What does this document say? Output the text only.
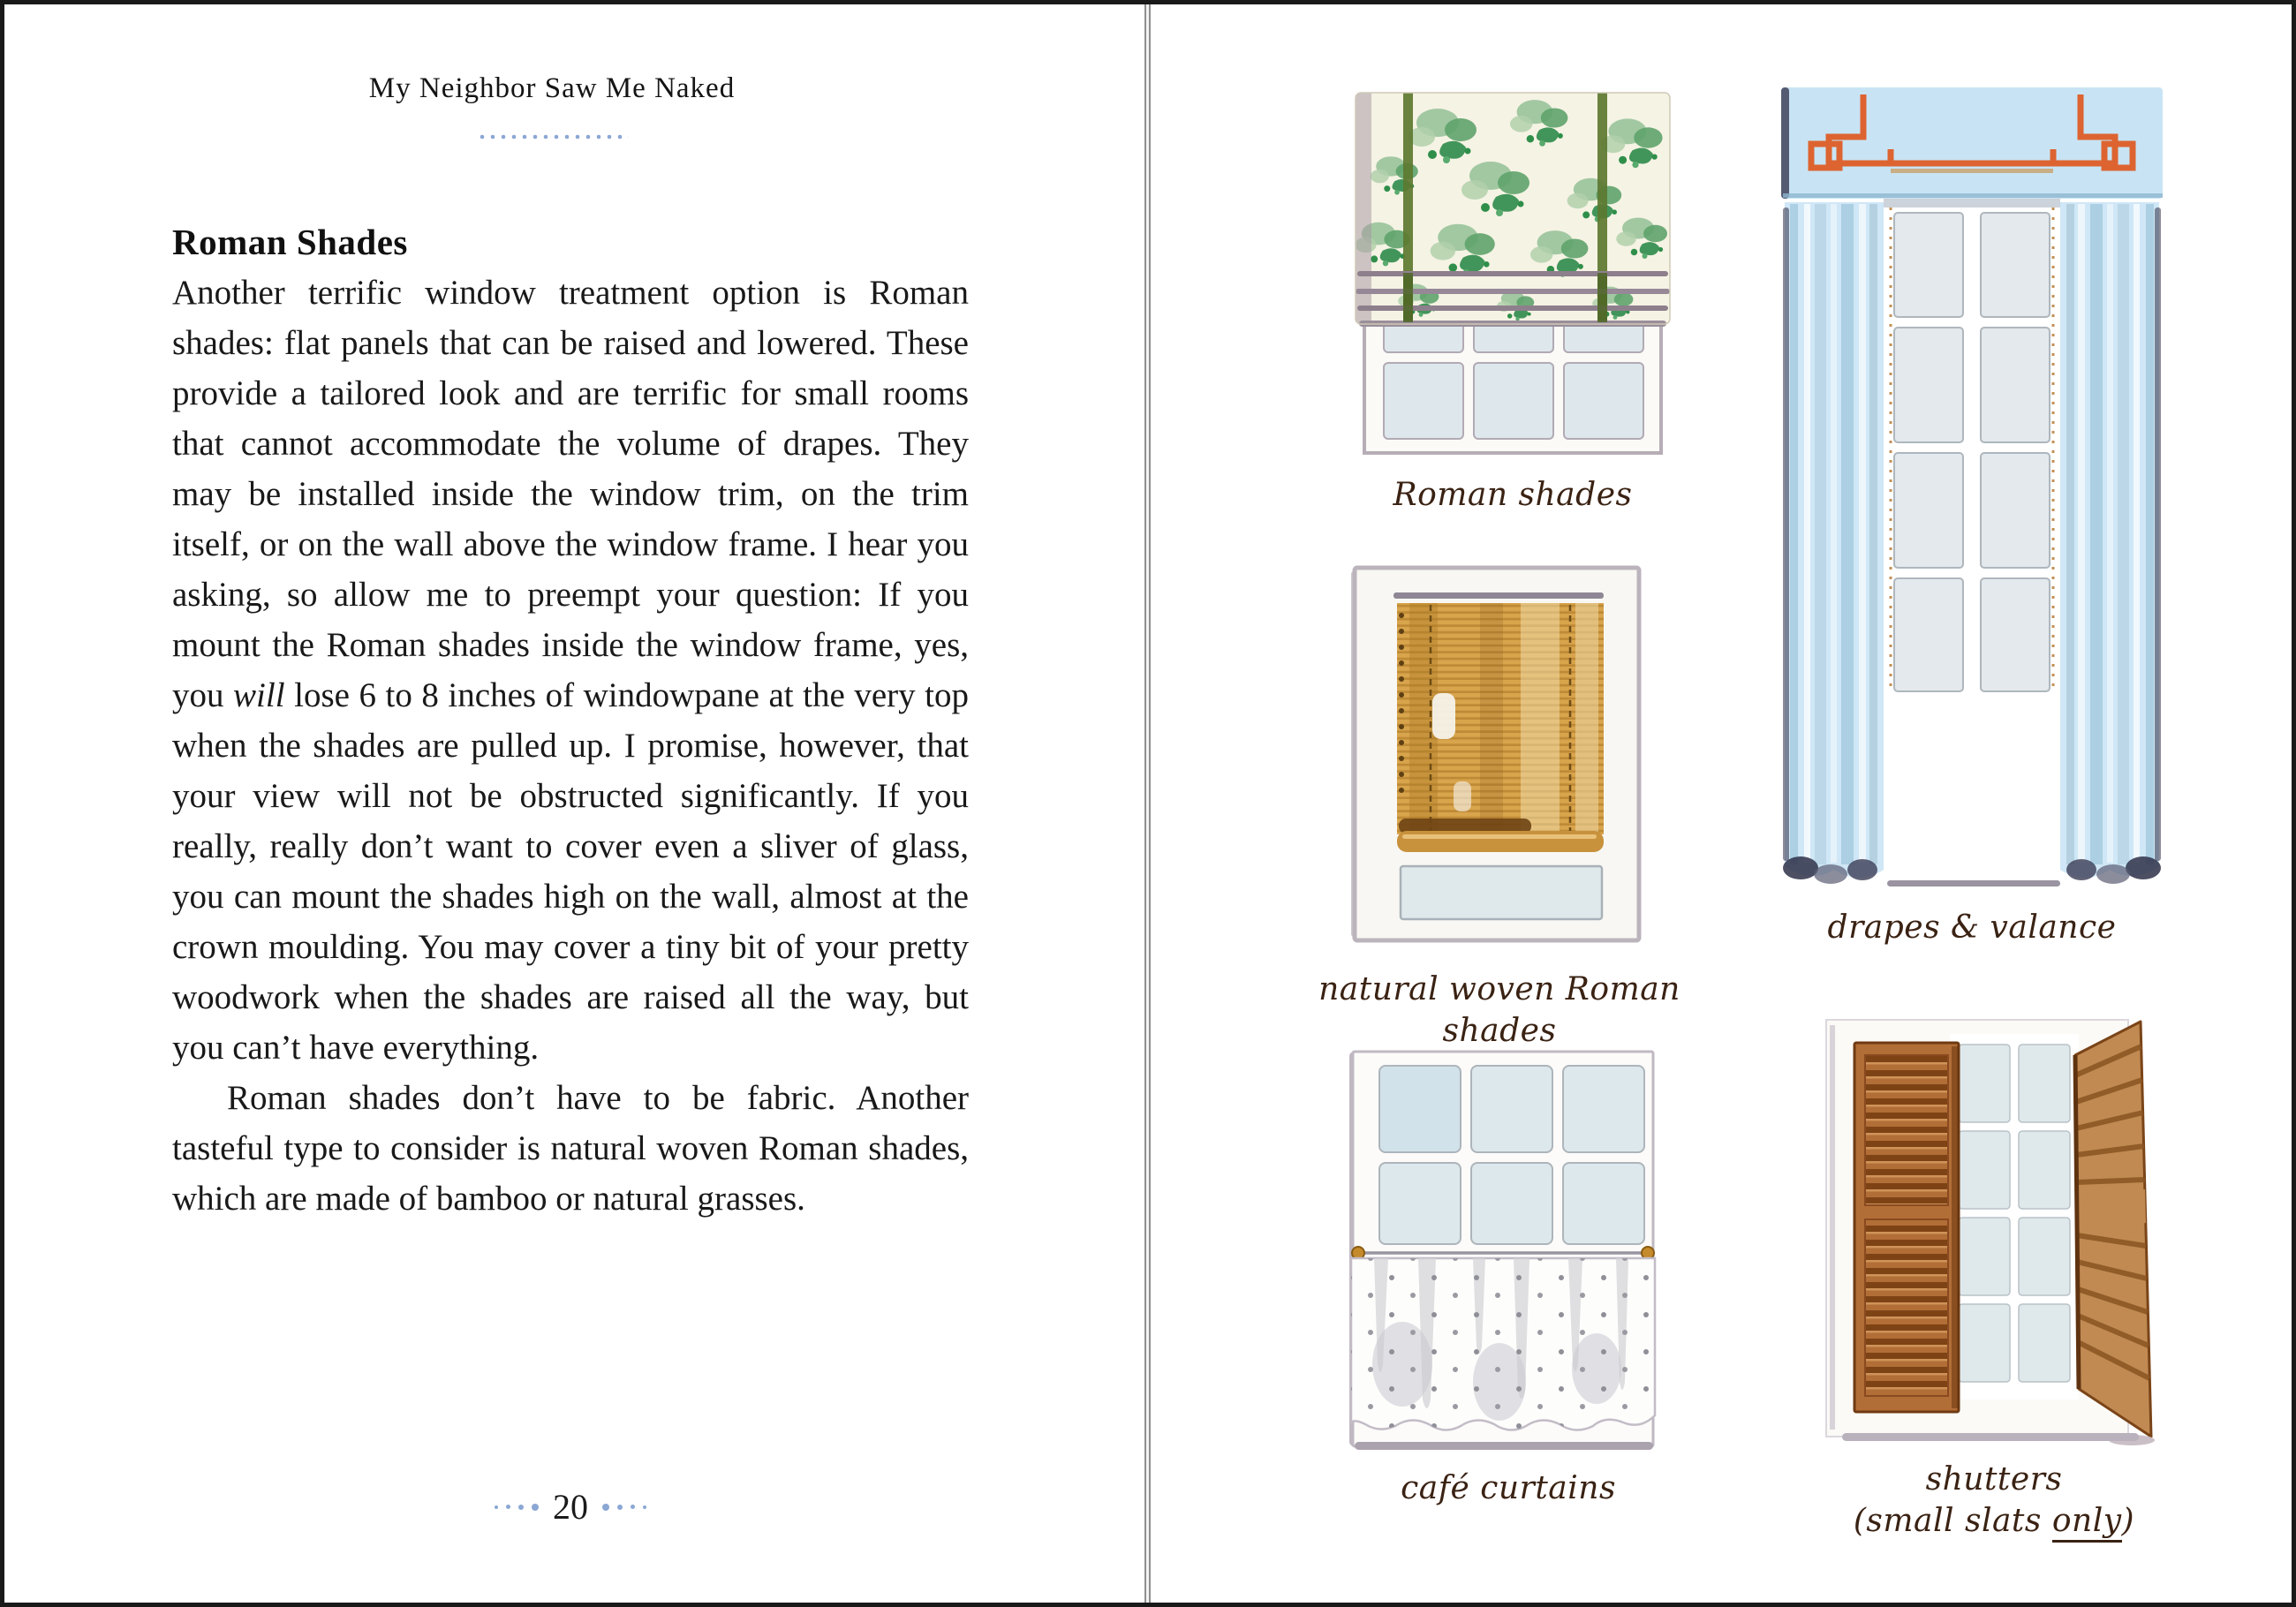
My Neighbor Saw Me Naked
Roman Shades

Another terrific window treatment option is Roman shades: flat panels that can be raised and lowered. These provide a tailored look and are terrific for small rooms that cannot accommodate the volume of drapes. They may be installed inside the window trim, on the trim itself, or on the wall above the window frame. I hear you asking, so allow me to preempt your question: If you mount the Roman shades inside the window frame, yes, you will lose 6 to 8 inches of windowpane at the very top when the shades are pulled up. I promise, however, that your view will not be obstructed significantly. If you really, really don’t want to cover even a sliver of glass, you can mount the shades high on the wall, almost at the crown moulding. You may cover a tiny bit of your pretty woodwork when the shades are raised all the way, but you can’t have everything.

Roman shades don’t have to be fabric. Another tasteful type to consider is natural woven Roman shades, which are made of bamboo or natural grasses.

20
Roman shades
drapes & valance
natural woven Roman shades
café curtains	shutters
(small slats only)
